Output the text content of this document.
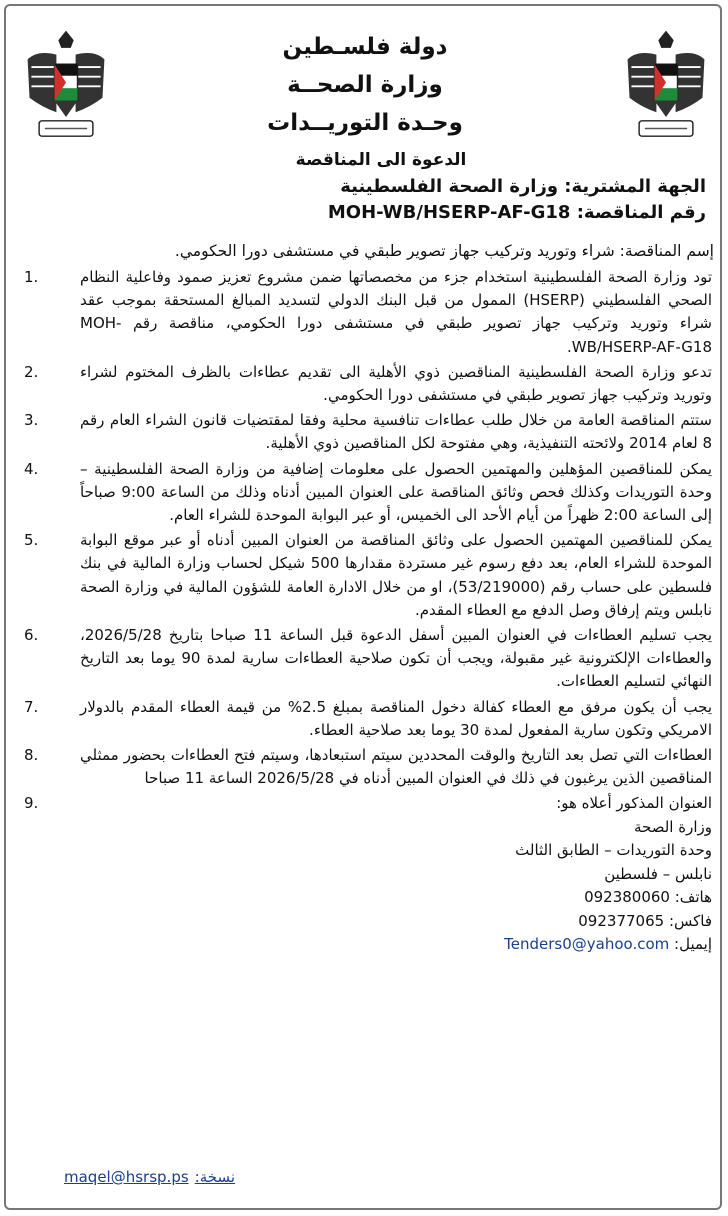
دولة فلسـطين
وزارة الصحــة
وحـدة التوريــدات
الدعوة الى المناقصة
الجهة المشترية: وزارة الصحة الفلسطينية
رقم المناقصة: MOH-WB/HSERP-AF-G18
إسم المناقصة: شراء وتوريد وتركيب جهاز تصوير طبقي في مستشفى دورا الحكومي.
1.	تود وزارة الصحة الفلسطينية استخدام جزء من مخصصاتها ضمن مشروع تعزيز صمود وفاعلية النظام الصحي الفلسطيني (HSERP) الممول من قبل البنك الدولي لتسديد المبالغ المستحقة بموجب عقد شراء وتوريد وتركيب جهاز تصوير طبقي في مستشفى دورا الحكومي، مناقصة رقم MOH-WB/HSERP-AF-G18.
2.	تدعو وزارة الصحة الفلسطينية المناقصين ذوي الأهلية الى تقديم عطاءات بالظرف المختوم لشراء وتوريد وتركيب جهاز تصوير طبقي في مستشفى دورا الحكومي.
3.	ستتم المناقصة العامة من خلال طلب عطاءات تنافسية محلية وفقا لمقتضيات قانون الشراء العام رقم 8 لعام 2014 ولائحته التنفيذية، وهي مفتوحة لكل المناقصين ذوي الأهلية.
4.	يمكن للمناقصين المؤهلين والمهتمين الحصول على معلومات إضافية من وزارة الصحة الفلسطينية – وحدة التوريدات وكذلك فحص وثائق المناقصة على العنوان المبين أدناه وذلك من الساعة 9:00 صباحاً إلى الساعة 2:00 ظهراً من أيام الأحد الى الخميس، أو عبر البوابة الموحدة للشراء العام.
5.	يمكن للمناقصين المهتمين الحصول على وثائق المناقصة من العنوان المبين أدناه أو عبر موقع البوابة الموحدة للشراء العام، بعد دفع رسوم غير مستردة مقدارها 500 شيكل لحساب وزارة المالية في بنك فلسطين على حساب رقم (53/219000)، او من خلال الادارة العامة للشؤون المالية في وزارة الصحة نابلس ويتم إرفاق وصل الدفع مع العطاء المقدم.
6.	يجب تسليم العطاءات في العنوان المبين أسفل الدعوة قبل الساعة 11 صباحا بتاريخ 2026/5/28، والعطاءات الإلكترونية غير مقبولة، ويجب أن تكون صلاحية العطاءات سارية لمدة 90 يوما بعد التاريخ النهائي لتسليم العطاءات.
7.	يجب أن يكون مرفق مع العطاء كفالة دخول المناقصة بمبلغ 2.5% من قيمة العطاء المقدم بالدولار الامريكي وتكون سارية المفعول لمدة 30 يوما بعد صلاحية العطاء.
8.	العطاءات التي تصل بعد التاريخ والوقت المحددين سيتم استبعادها، وسيتم فتح العطاءات بحضور ممثلي المناقصين الذين يرغبون في ذلك في العنوان المبين أدناه في 2026/5/28 الساعة 11 صباحا
9.	العنوان المذكور أعلاه هو:
وزارة الصحة
وحدة التوريدات – الطابق الثالث
نابلس – فلسطين
هاتف: 092380060
فاكس: 092377065
إيميل: Tenders0@yahoo.com
نسخة:maqel@hsrsp.ps
